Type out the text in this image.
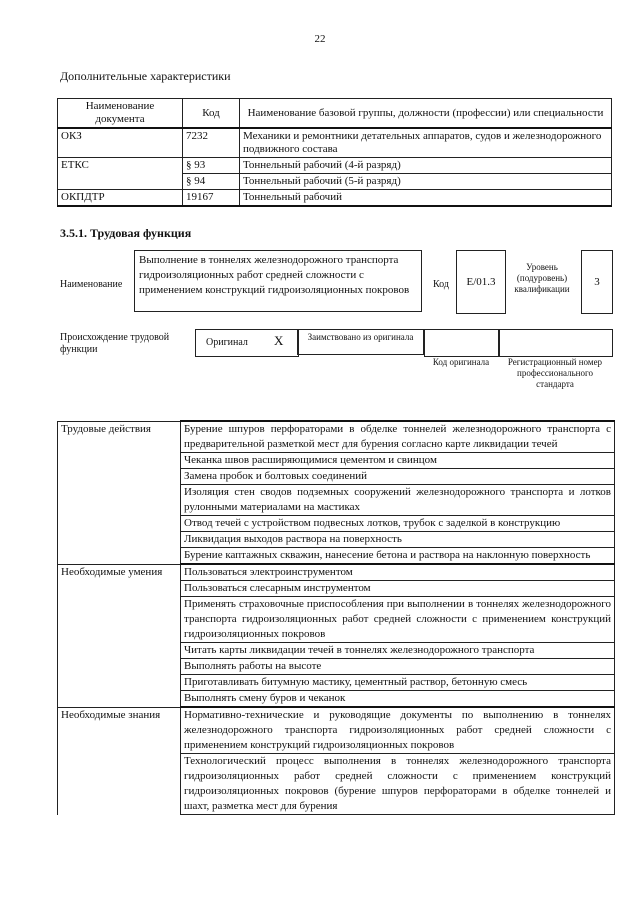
22
Дополнительные характеристики
Наименование документа	Код	Наименование базовой группы, должности (профессии) или специальности
ОКЗ	7232	Механики и ремонтники детательных аппаратов, судов и железнодорожного подвижного состава
ЕТКС	§ 93	Тоннельный рабочий (4-й разряд)
	§ 94	Тоннельный рабочий (5-й разряд)
ОКПДТР	19167	Тоннельный рабочий
3.5.1. Трудовая функция
Наименование
Выполнение в тоннелях железнодорожного транспорта гидроизоляционных работ средней сложности с применением конструкций гидроизоляционных покровов	Код	E/01.3
Уровень (подуровень) квалификации
3
Происхождение трудовой функции
Оригинал X	Заимствовано из оригинала
Код оригинала	Регистрационный номер профессионального стандарта
Трудовые действия	Бурение шпуров перфораторами в обделке тоннелей железнодорожного транспорта с предварительной разметкой мест для бурения согласно карте ликвидации течей
	Чеканка швов расширяющимися цементом и свинцом
	Замена пробок и болтовых соединений
	Изоляция стен сводов подземных сооружений железнодорожного транспорта и лотков рулонными материалами на мастиках
	Отвод течей с устройством подвесных лотков, трубок с заделкой в конструкцию
	Ликвидация выходов раствора на поверхность
	Бурение каптажных скважин, нанесение бетона и раствора на наклонную поверхность
Необходимые умения	Пользоваться электроинструментом
	Пользоваться слесарным инструментом
	Применять страховочные приспособления при выполнении в тоннелях железнодорожного транспорта гидроизоляционных работ средней сложности с применением конструкций гидроизоляционных покровов
	Читать карты ликвидации течей в тоннелях железнодорожного транспорта
	Выполнять работы на высоте
	Приготавливать битумную мастику, цементный раствор, бетонную смесь
	Выполнять смену буров и чеканок
Необходимые знания	Нормативно-технические и руководящие документы по выполнению в тоннелях железнодорожного транспорта гидроизоляционных работ средней сложности с применением конструкций гидроизоляционных покровов
	Технологический процесс выполнения в тоннелях железнодорожного транспорта гидроизоляционных работ средней сложности с применением конструкций гидроизоляционных покровов (бурение шпуров перфораторами в обделке тоннелей и шахт, разметка мест для бурения
